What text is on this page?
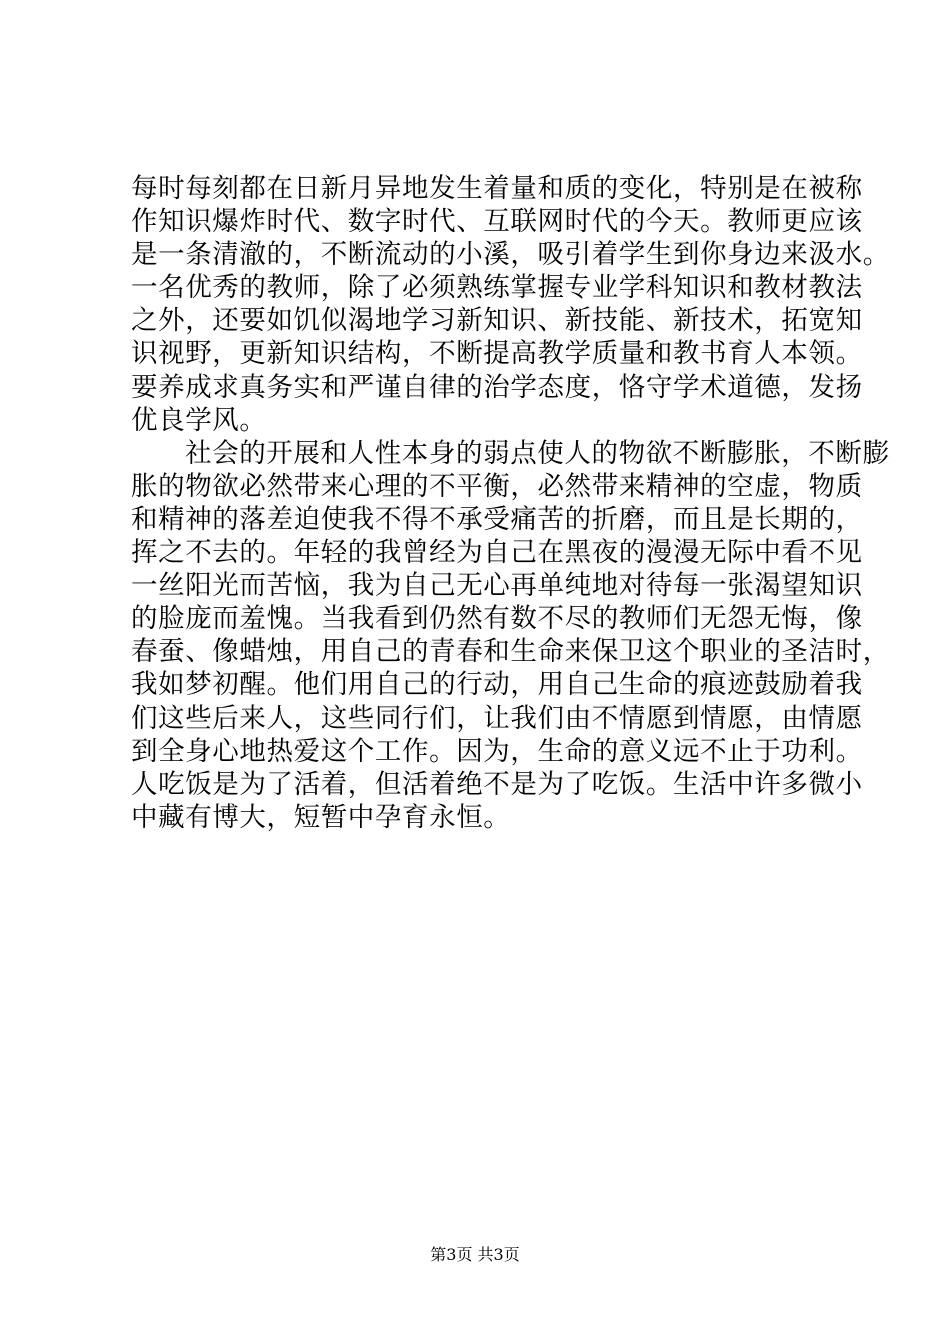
每时每刻都在日新月异地发生着量和质的变化，特别是在被称
作知识爆炸时代、数字时代、互联网时代的今天。教师更应该
是一条清澈的，不断流动的小溪，吸引着学生到你身边来汲水。
一名优秀的教师，除了必须熟练掌握专业学科知识和教材教法
之外，还要如饥似渴地学习新知识、新技能、新技术，拓宽知
识视野，更新知识结构，不断提高教学质量和教书育人本领。
要养成求真务实和严谨自律的治学态度，恪守学术道德，发扬
优良学风。
社会的开展和人性本身的弱点使人的物欲不断膨胀，不断膨
胀的物欲必然带来心理的不平衡，必然带来精神的空虚，物质
和精神的落差迫使我不得不承受痛苦的折磨，而且是长期的，
挥之不去的。年轻的我曾经为自己在黑夜的漫漫无际中看不见
一丝阳光而苦恼，我为自己无心再单纯地对待每一张渴望知识
的脸庞而羞愧。当我看到仍然有数不尽的教师们无怨无悔，像
春蚕、像蜡烛，用自己的青春和生命来保卫这个职业的圣洁时，
我如梦初醒。他们用自己的行动，用自己生命的痕迹鼓励着我
们这些后来人，这些同行们，让我们由不情愿到情愿，由情愿
到全身心地热爱这个工作。因为，生命的意义远不止于功利。
人吃饭是为了活着，但活着绝不是为了吃饭。生活中许多微小
中藏有博大，短暂中孕育永恒。
第3页 共3页
